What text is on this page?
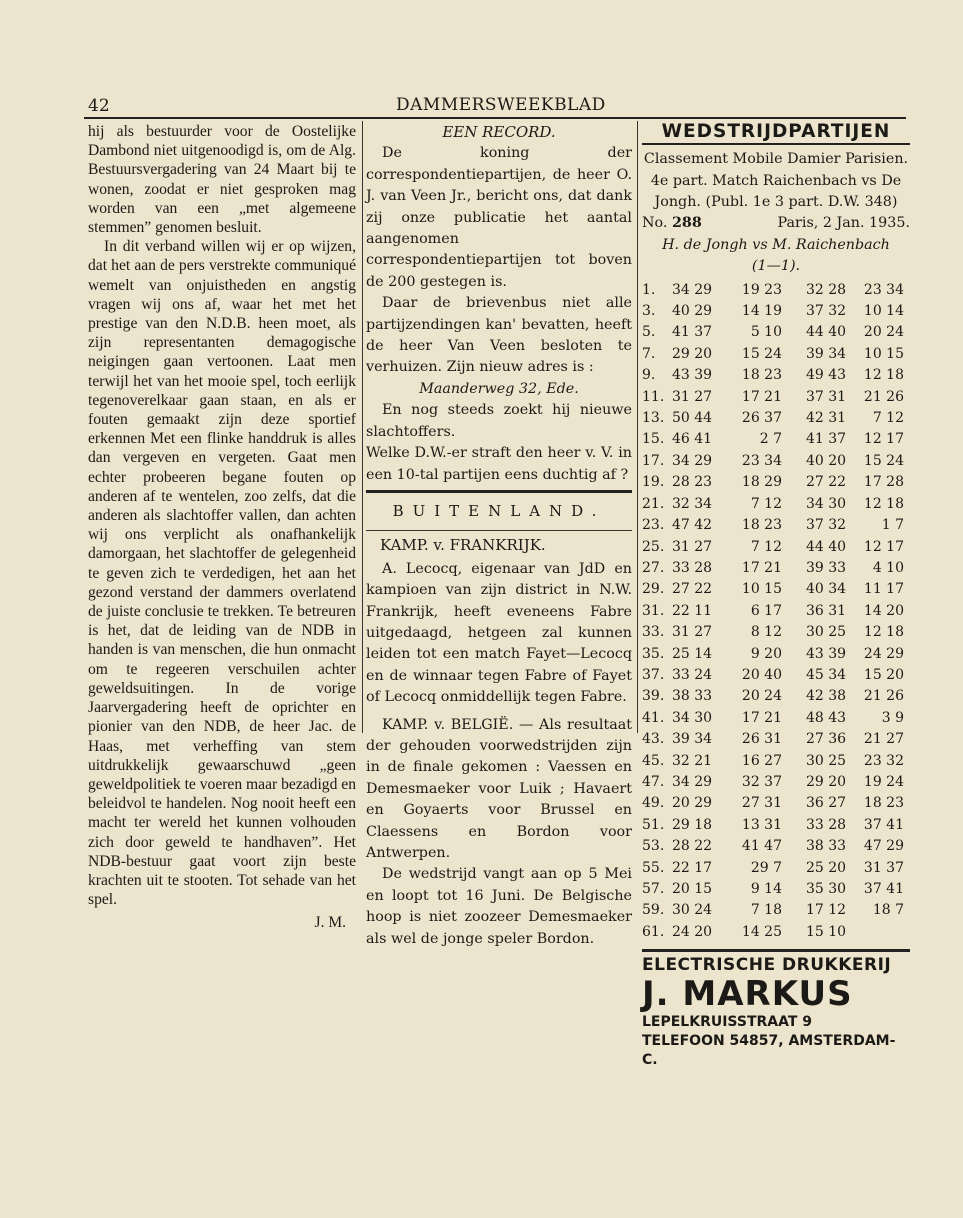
42	DAMMERSWEEKBLAD

hij als bestuurder voor de Oostelijke Dambond niet uitgenoodigd is, om de Alg. Bestuursvergadering van 24 Maart bij te wonen, zoodat er niet gesproken mag worden van een „met algemeene stemmen” genomen besluit.

In dit verband willen wij er op wijzen, dat het aan de pers verstrekte communiqué wemelt van onjuistheden en angstig vragen wij ons af, waar het met het prestige van den N.D.B. heen moet, als zijn representanten demagogische neigingen gaan vertoonen. Laat men terwijl het van het mooie spel, toch eerlijk tegenoverelkaar gaan staan, en als er fouten gemaakt zijn deze sportief erkennen Met een flinke handdruk is alles dan vergeven en vergeten. Gaat men echter probeeren begane fouten op anderen af te wentelen, zoo zelfs, dat die anderen als slachtoffer vallen, dan achten wij ons verplicht als onafhankelijk damorgaan, het slachtoffer de gelegenheid te geven zich te verdedigen, het aan het gezond verstand der dammers overlatend de juiste conclusie te trekken. Te betreuren is het, dat de leiding van de NDB in handen is van menschen, die hun onmacht om te regeeren verschuilen achter geweldsuitingen. In de vorige Jaarvergadering heeft de oprichter en pionier van den NDB, de heer Jac. de Haas, met verheffing van stem uitdrukkelijk gewaarschuwd „geen geweldpolitiek te voeren maar bezadigd en beleidvol te handelen. Nog nooit heeft een macht ter wereld het kunnen volhouden zich door geweld te handhaven”. Het NDB-bestuur gaat voort zijn beste krachten uit te stooten. Tot sehade van het spel.

J. M.
EEN RECORD.

De koning der correspondentiepartijen, de heer O. J. van Veen Jr., bericht ons, dat dank zij onze publicatie het aantal aangenomen correspondentiepartijen tot boven de 200 gestegen is.

Daar de brievenbus niet alle partijzendingen kan' bevatten, heeft de heer Van Veen besloten te verhuizen. Zijn nieuw adres is :

Maanderweg 32, Ede.

En nog steeds zoekt hij nieuwe slachtoffers.

Welke D.W.-er straft den heer v. V. in een 10-tal partijen eens duchtig af ?

BUITENLAND.
KAMP. v. FRANKRIJK.

A. Lecocq, eigenaar van JdD en kampioen van zijn district in N.W. Frankrijk, heeft eveneens Fabre uitgedaagd, hetgeen zal kunnen leiden tot een match Fayet—Lecocq en de winnaar tegen Fabre of Fayet of Lecocq onmiddellijk tegen Fabre.

KAMP. v. BELGIË. — Als resultaat der gehouden voorwedstrijden zijn in de finale gekomen : Vaessen en Demesmaeker voor Luik ; Havaert en Goyaerts voor Brussel en Claessens en Bordon voor Antwerpen.

De wedstrijd vangt aan op 5 Mei en loopt tot 16 Juni. De Belgische hoop is niet zoozeer Demesmaeker als wel de jonge speler Bordon.

WEDSTRIJDPARTIJEN
Classement Mobile Damier Parisien. 4e part. Match Raichenbach vs De Jongh. (Publ. 1e 3 part. D.W. 348)
No. 288	Paris, 2 Jan. 1935.
H. de Jongh vs M. Raichenbach
(1—1).
1.	34 29	19 23	32 28	23 34
3.	40 29	14 19	37 32	10 14
5.	41 37	5 10	44 40	20 24
7.	29 20	15 24	39 34	10 15
9.	43 39	18 23	49 43	12 18
11. 31 27	17 21	37 31	21 26
13. 50 44	26 37	42 31	7 12
15. 46 41	2 7	41 37	12 17
17. 34 29	23 34	40 20	15 24
19. 28 23	18 29	27 22	17 28
21. 32 34	7 12	34 30	12 18
23. 47 42	18 23	37 32	1 7
25. 31 27	7 12	44 40	12 17
27. 33 28	17 21	39 33	4 10
29. 27 22	10 15	40 34	11 17
31. 22 11	6 17	36 31	14 20
33. 31 27	8 12	30 25	12 18
35. 25 14	9 20	43 39	24 29
37. 33 24	20 40	45 34	15 20
39. 38 33	20 24	42 38	21 26
41. 34 30	17 21	48 43	3 9
43. 39 34	26 31	27 36	21 27
45. 32 21	16 27	30 25	23 32
47. 34 29	32 37	29 20	19 24
49. 20 29	27 31	36 27	18 23
51. 29 18	13 31	33 28	37 41
53. 28 22	41 47	38 33	47 29
55. 22 17	29 7	25 20	31 37
57. 20 15	9 14	35 30	37 41
59. 30 24	7 18	17 12	18 7
61. 24 20	14 25	15 10
ELECTRISCHE DRUKKERIJ
J. MARKUS
LEPELKRUISSTRAAT 9
TELEFOON 54857, AMSTERDAM-C.
